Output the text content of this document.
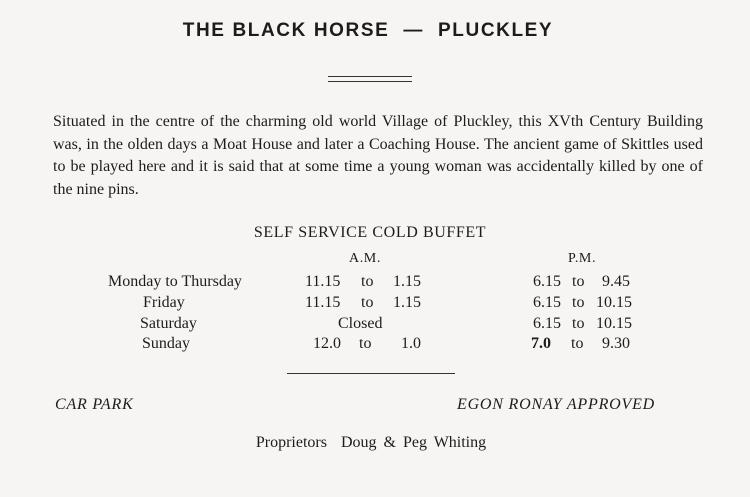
THE BLACK HORSE — PLUCKLEY

Situated in the centre of the charming old world Village of Pluckley, this XVth Century Building was, in the olden days a Moat House and later a Coaching House. The ancient game of Skittles used to be played here and it is said that at some time a young woman was accidentally killed by one of the nine pins.

SELF SERVICE COLD BUFFET
A.M.	P.M.
Monday to Thursday	11.15 to 1.15	6.15 to 9.45
Friday	11.15 to 1.15	6.15 to 10.15
Saturday	Closed	6.15 to 10.15
Sunday	12.0 to 1.0	7.0 to 9.30
CAR PARK	EGON RONAY APPROVED
Proprietors  Doug & Peg Whiting
